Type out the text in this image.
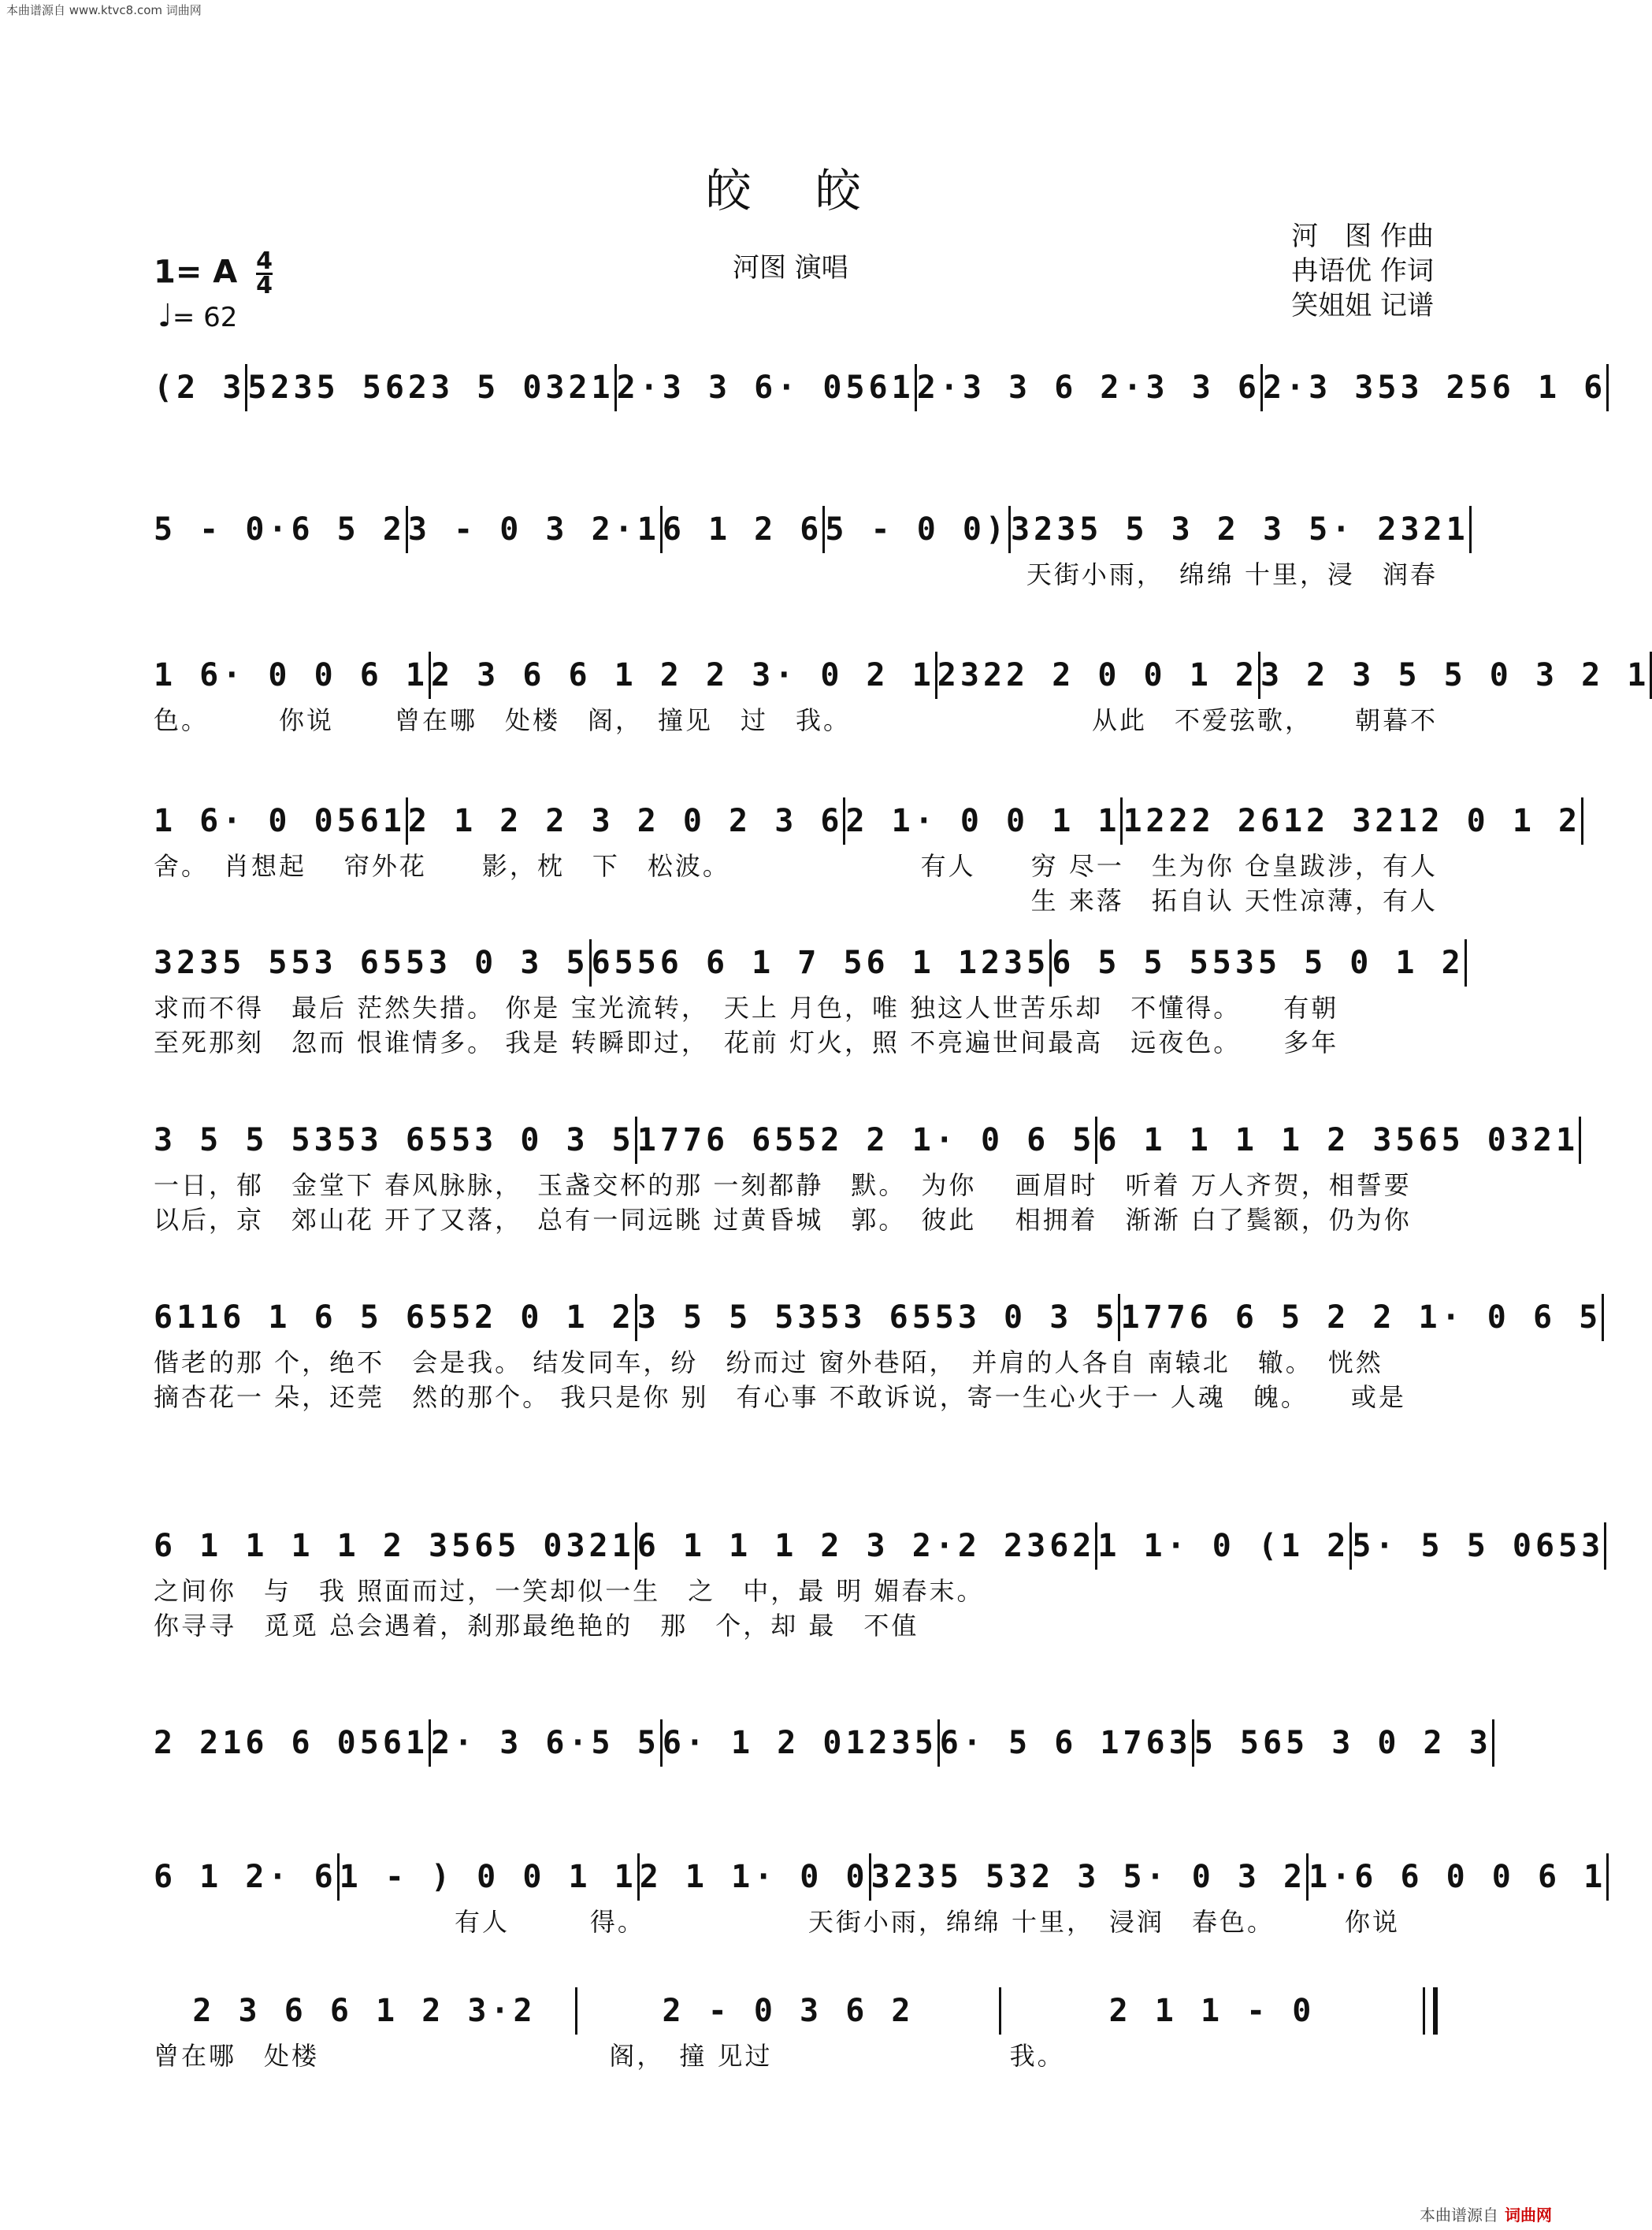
本曲谱源自 www.ktvc8.com 词曲网
皎　皎
河图 演唱
河　图 作曲
冉语优 作词
笑姐姐 记谱
1= A $\frac{4}{4}$
♩= 62
(2 3 5235 5623 5 0321 2·3 3 6· 0561 2·3 3 6 2·3 3 6 2·3 353 256 1 6
5 - 0·6 5 2 3 - 0 3 2·1 6 1 2 6 5 - 0 0) 3235 5 3 2 3 5· 2321
天街小雨，　绵绵 十里，浸　润春
1 6· 0 0 6 1 2 3 6 6 1 2 2 3· 0 2 1 2322 2 0 0 1 2 3 2 3 5 5 0 3 2 1
色。　　　你说	曾在哪　处楼　阁，　撞见　过　我。	从此　不爱弦歌，　　朝暮不
1 6· 0 0561 2 1 2 2 3 2 0 2 3 6 2 1· 0 0 1 1 1222 2612 3212 0 1 2
舍。　肖想起	帘外花　　影，枕　下　松波。	有人　　穷 尽一　生为你 仓皇跋涉，有人
生 来落　拓自认 天性凉薄，有人
3235 553 6553 0 3 5 6556 6 1 7 56 1 1235 6 5 5 5535 5 0 1 2
求而不得　最后 茫然失措。 你是 宝光流转，　天上 月色，唯 独这人世 苦乐却　不懂得。　　有朝
至死那刻　忽而 恨谁情多。 我是 转瞬即过，　花前 灯火，照 不亮遍世 间最高　远夜色。　　多年
3 5 5 5353 6553 0 3 5 1776 6552 2 1· 0 6 5 6 1 1 1 1 2 3565 0321
一日，郁　金堂下 春风脉脉，　玉盏 交杯的那 一刻都静　默。　为你	画眉时　听着 万人齐贺，相誓要
以后，京　郊山花 开了又落，　总有 一同远眺 过黄昏城　郭。　彼此	相拥着　渐渐 白了鬓额，仍为你
6116 1 6 5 6552 0 1 2 3 5 5 5353 6553 0 3 5 1776 6 5 2 2 1· 0 6 5
偕老的那 个，绝不　会是我。 结发 同车，纷　纷而过 窗外巷陌，　并肩 的人各自 南辕北　辙。　恍然
摘杏花一 朵，还莞　然的那个。 我只 是你 别　有心事 不敢诉说，寄一生 心火于一 人魂　魄。　　或是
6 1 1 1 1 2 3565 0321 6 1 1 1 2 3 2·2 2362 1 1· 0 (1 2 5· 5 5 0653
之间你　与　我 照面而过，一笑却 似一生　之　中，最 明 媚春 末。
你寻寻　觅觅 总会遇着，刹那最 绝艳的　那　个，却 最　不值
2 216 6 0561 2· 3 6·5 5 6· 1 2 01235 6· 5 6 1763 5 565 3 0 2 3
6 1 2· 6 1 - ) 0 0 1 1 2 1 1· 0 0 3235 532 3 5· 0 3 2 1·6 6 0 0 6 1
　　　有人	得。	天街小雨，绵绵 十里，　浸润　春 色。　　　你说
2 3 6 6 1 2 3·2	2 - 0 3 6 2	2 1 1 - 0
曾在哪　处楼	　阁，　撞 见过	我。
本曲谱源自 词曲网
